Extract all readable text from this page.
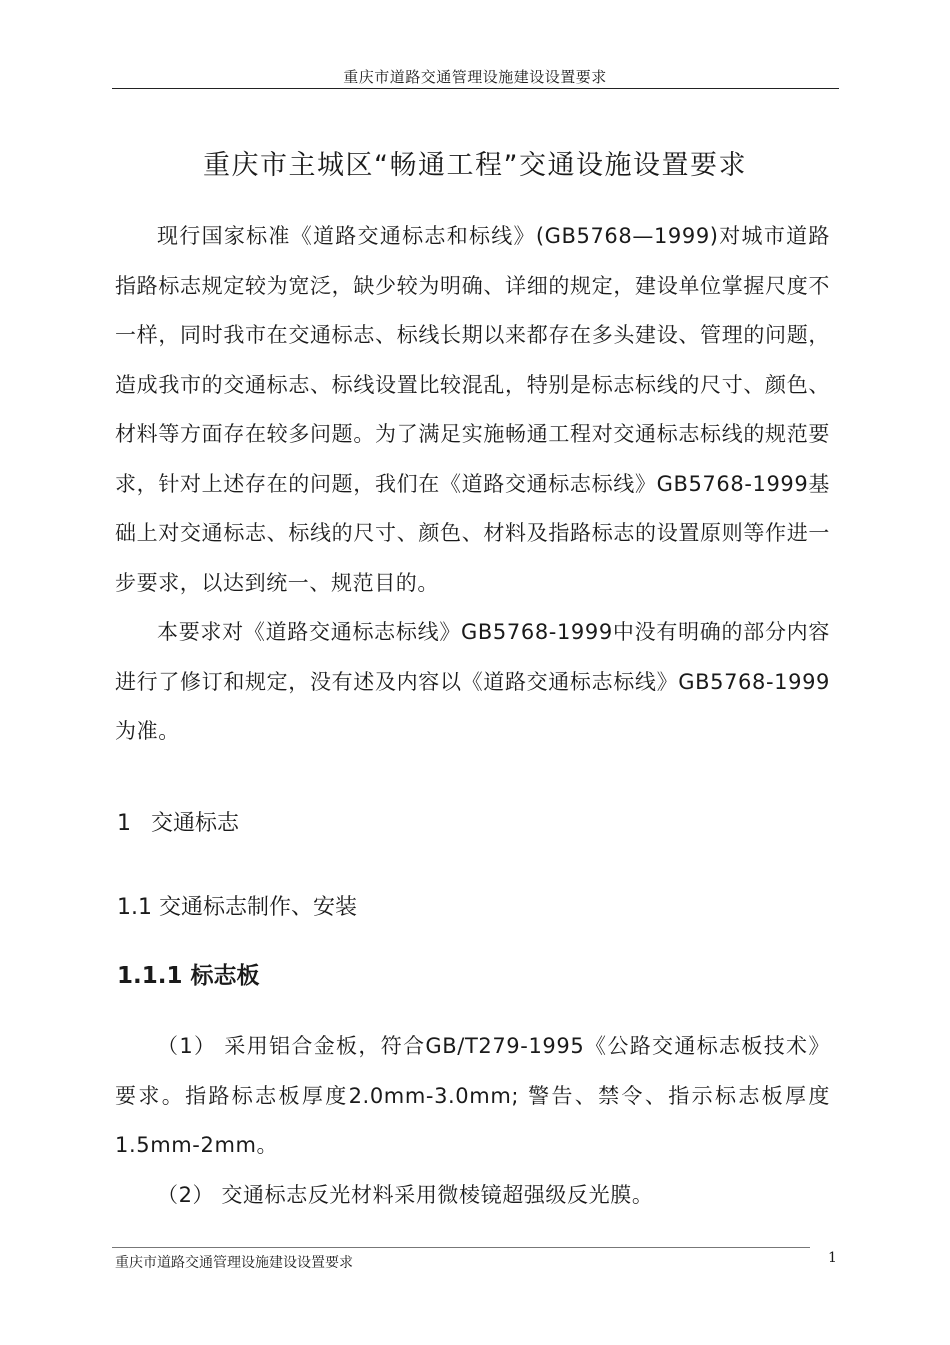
重庆市道路交通管理设施建设设置要求
重庆市主城区“畅通工程”交通设施设置要求

现行国家标准《道路交通标志和标线》(GB5768—1999)对城市道路指路标志规定较为宽泛，缺少较为明确、详细的规定，建设单位掌握尺度不一样，同时我市在交通标志、标线长期以来都存在多头建设、管理的问题，造成我市的交通标志、标线设置比较混乱，特别是标志标线的尺寸、颜色、材料等方面存在较多问题。为了满足实施畅通工程对交通标志标线的规范要求，针对上述存在的问题，我们在《道路交通标志标线》GB5768-1999基础上对交通标志、标线的尺寸、颜色、材料及指路标志的设置原则等作进一步要求，以达到统一、规范目的。

本要求对《道路交通标志标线》GB5768-1999中没有明确的部分内容进行了修订和规定，没有述及内容以《道路交通标志标线》GB5768-1999为准。

1 交通标志
1.1 交通标志制作、安装
1.1.1 标志板

（1） 采用铝合金板，符合GB/T279-1995《公路交通标志板技术》要求。指路标志板厚度2.0mm-3.0mm; 警告、禁令、指示标志板厚度1.5mm-2mm。

（2） 交通标志反光材料采用微棱镜超强级反光膜。

重庆市道路交通管理设施建设设置要求	1
